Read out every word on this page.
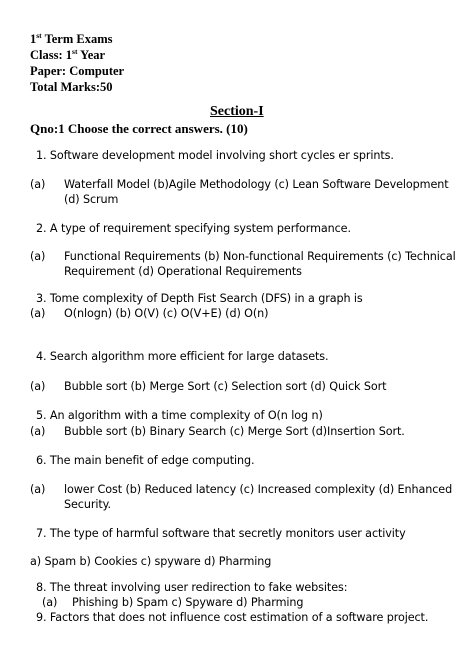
1st Term Exams
Class: 1st Year
Paper: Computer
Total Marks:50
Section-I
Qno:1 Choose the correct answers. (10)
1. Software development model involving short cycles er sprints.
(a) Waterfall Model (b)Agile Methodology (c) Lean Software Development
(d) Scrum
2. A type of requirement specifying system performance.
(a) Functional Requirements (b) Non-functional Requirements (c) Technical
Requirement (d) Operational Requirements
3. Tome complexity of Depth Fist Search (DFS) in a graph is
(a) O(nlogn) (b) O(V) (c) O(V+E) (d) O(n)
4. Search algorithm more efficient for large datasets.
(a) Bubble sort (b) Merge Sort (c) Selection sort (d) Quick Sort
5. An algorithm with a time complexity of O(n log n)
(a) Bubble sort (b) Binary Search (c) Merge Sort (d)Insertion Sort.
6. The main benefit of edge computing.
(a) lower Cost (b) Reduced latency (c) Increased complexity (d) Enhanced
Security.
7. The type of harmful software that secretly monitors user activity
a) Spam b) Cookies c) spyware d) Pharming
8. The threat involving user redirection to fake websites:
(a) Phishing b) Spam c) Spyware d) Pharming
9. Factors that does not influence cost estimation of a software project.
